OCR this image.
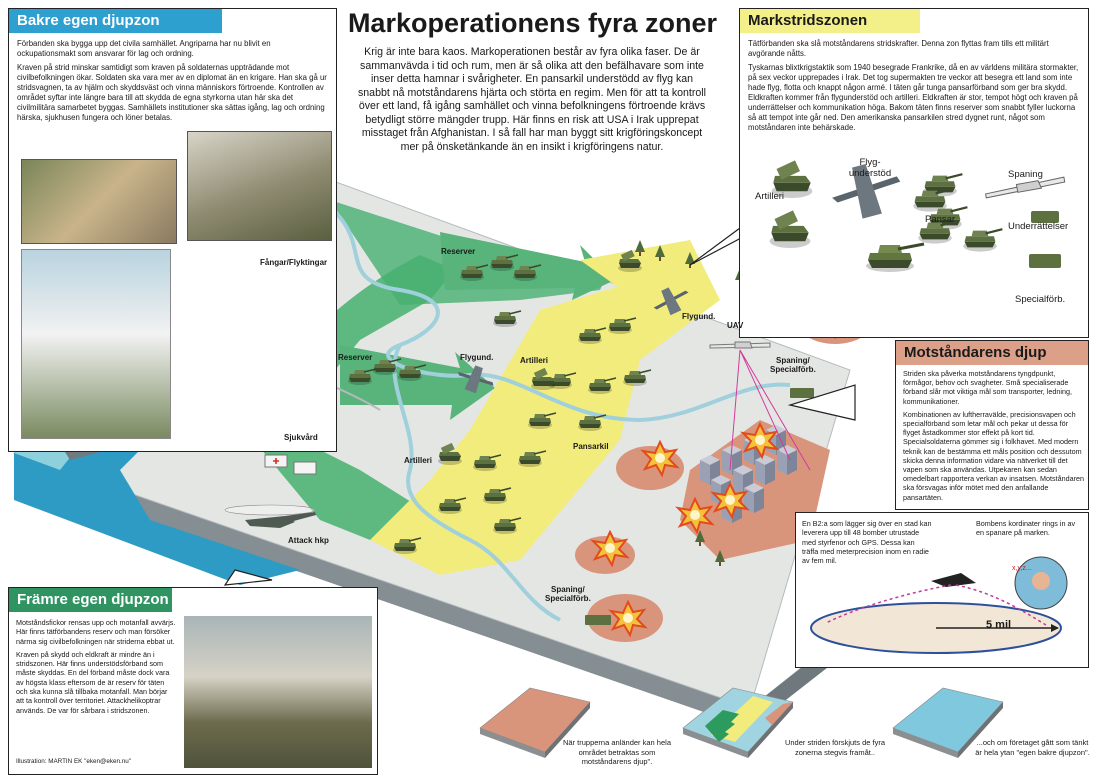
Markoperationens fyra zoner
Krig är inte bara kaos. Markoperationen består av fyra olika faser. De är sammanvävda i tid och rum, men är så olika att den befälhavare som inte inser detta hamnar i svårigheter. En pansarkil understödd av flyg kan snabbt nå motståndarens hjärta och störta en regim. Men för att ta kontroll över ett land, få igång samhället och vinna befolkningens förtroende krävs betydligt större mängder trupp. Här finns en risk att USA i Irak upprepat misstaget från Afghanistan. I så fall har man byggt sitt krigföringskoncept mer på önsketänkande än en insikt i krigföringens natur.
Bakre egen djupzon

Förbanden ska bygga upp det civila samhället. Angriparna har nu blivit en ockupationsmakt som ansvarar för lag och ordning.

Kraven på strid minskar samtidigt som kraven på soldaternas uppträdande mot civilbefolkningen ökar. Soldaten ska vara mer av en diplomat än en krigare. Han ska gå ur stridsvagnen, ta av hjälm och skyddsväst och vinna människors förtroende. Kontrollen av området syftar inte längre bara till att skydda de egna styrkorna utan här ska det civilmilitära samarbetet byggas. Samhällets institutioner ska sättas igång, lag och ordning härska, sjukhusen fungera och löner betalas.

Markstridszonen

Tätförbanden ska slå motståndarens stridskrafter. Denna zon flyttas fram tills ett militärt avgörande nåtts.

Tyskarnas blixtkrigstaktik som 1940 besegrade Frankrike, då en av världens militära stormakter, på sex veckor upprepades i Irak. Det tog supermakten tre veckor att besegra ett land som inte hade flyg, flotta och knappt någon armé. I täten går tunga pansarförband som ger bra skydd. Eldkraften kommer från flygunderstöd och artilleri. Eldkraften är stor, tempot högt och kraven på underrättelser och kommunikation höga. Bakom täten finns reserver som snabbt fyller luckorna så att tempot inte går ned. Den amerikanska pansarkilen stred dygnet runt, något som motståndaren inte behärskade.

Artilleri
Flyg-
understöd	Spaning
Pansar
Underrättelser
Specialförb.
Motståndarens djup

Striden ska påverka motståndarens tyngdpunkt, förmågor, behov och svagheter. Små specialiserade förband slår mot viktiga mål som transporter, ledning, kommunikationer.

Kombinationen av luftherravälde, precisionsvapen och specialförband som letar mål och pekar ut dessa för flyget åstadkommer stor effekt på kort tid. Specialsoldaterna gömmer sig i folkhavet. Med modern teknik kan de bestämma ett måls position och dessutom skicka denna information vidare via nätverket till det vapen som ska användas. Utpekaren kan sedan omedelbart rapportera verkan av insatsen. Motståndaren ska försvagas inför mötet med den anfallande pansartäten.

En B2:a som lägger sig över en stad kan leverera upp till 48 bomber utrustade med styrfenor och GPS. Dessa kan träffa med meterprecision inom en radie av fem mil.
Bombens kordinater rings in av en spanare på marken.
5 mil
x,y,z...
Främre egen djupzon

Motståndsfickor rensas upp och motanfall avvärjs. Här finns tätförbandens reserv och man försöker närma sig civilbefolkningen när striderna ebbat ut.

Kraven på skydd och eldkraft är mindre än i stridszonen. Här finns understödsförband som måste skyddas. En del förband måste dock vara av högsta klass eftersom de är reserv för täten och ska kunna slå tillbaka motanfall. Man börjar att ta kontroll över territoriet. Attackhelikoptrar används. De var för sårbara i stridszonen.

Illustration: MARTIN EK "eken@eken.nu"
Fångar/Flyktingar
Reserver
Reserver
Flygund.
Flygund.	Artilleri
Artilleri
Pansarkil
Sjukvård
Attack hkp
UAV
Spaning/
Specialförb.
Spaning/
Specialförb.
När trupperna anländer kan hela området betraktas som motståndarens djup".
Under striden förskjuts de fyra zonerna stegvis framåt..
...och om företaget gått som tänkt är hela ytan "egen bakre djupzon".
